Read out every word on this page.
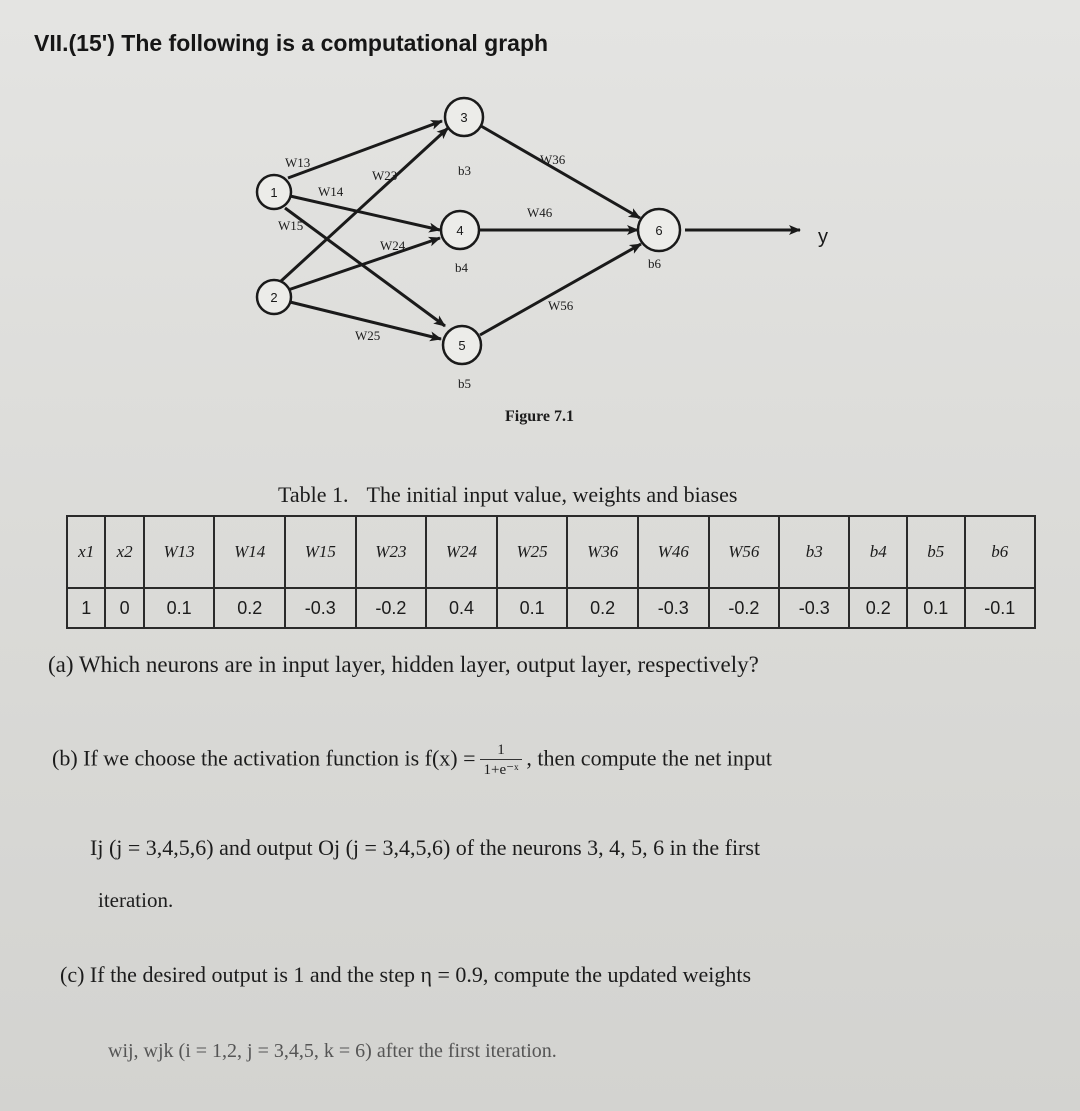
VII.(15') The following is a computational graph
1
2
3
4
5
6
W13
W14
W15
W23
W24
W25
W36
W46
W56
b3
b4
b5
b6
y
Figure 7.1
Table 1. The initial input value, weights and biases
x1	x2	W13	W14	W15	W23	W24	W25	W36	W46	W56	b3	b4	b5	b6
1	0	0.1	0.2	-0.3	-0.2	0.4	0.1	0.2	-0.3	-0.2	-0.3	0.2	0.1	-0.1
(a) Which neurons are in input layer, hidden layer, output layer, respectively?
(b) If we choose the activation function is $f(x) = \frac{1}{\text{1+e⁻ˣ}}$ , then compute the net input
Ij (j = 3,4,5,6) and output Oj (j = 3,4,5,6) of the neurons 3, 4, 5, 6 in the first
iteration.
(c) If the desired output is 1 and the step η = 0.9, compute the updated weights
wij, wjk (i = 1,2, j = 3,4,5, k = 6) after the first iteration.
